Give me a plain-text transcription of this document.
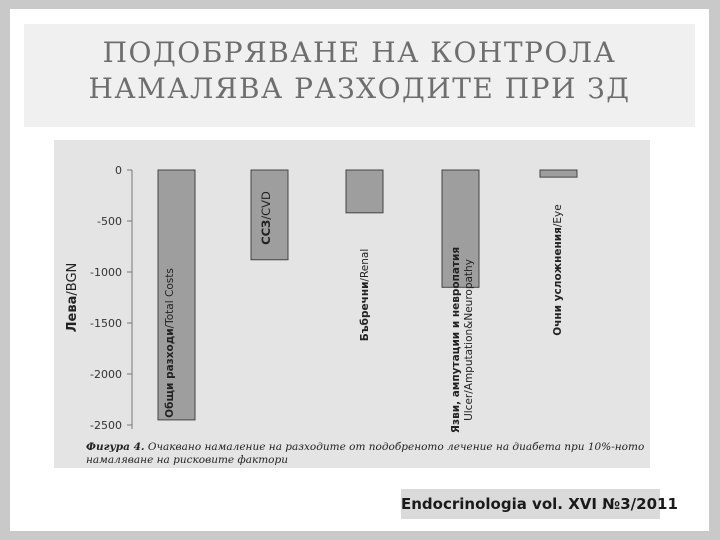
ПОДОБРЯВАНЕ НА КОНТРОЛА
НАМАЛЯВА РАЗХОДИТЕ ПРИ ЗД
0
-500
-1000
-1500
-2000
-2500
Лева/BGN
Общи разходи/Total Costs
ССЗ/CVD
Бъбречни/Renal	Язви, ампутации и невропатия Ulcer/Amputation&Neuropathy	Очни усложнения/Eye
Фигура 4. Очаквано намаление на разходите от подобреното лечение на диабета при 10%-ното намаляване на рисковите фактори
Endocrinologia vol. XVI №3/2011
